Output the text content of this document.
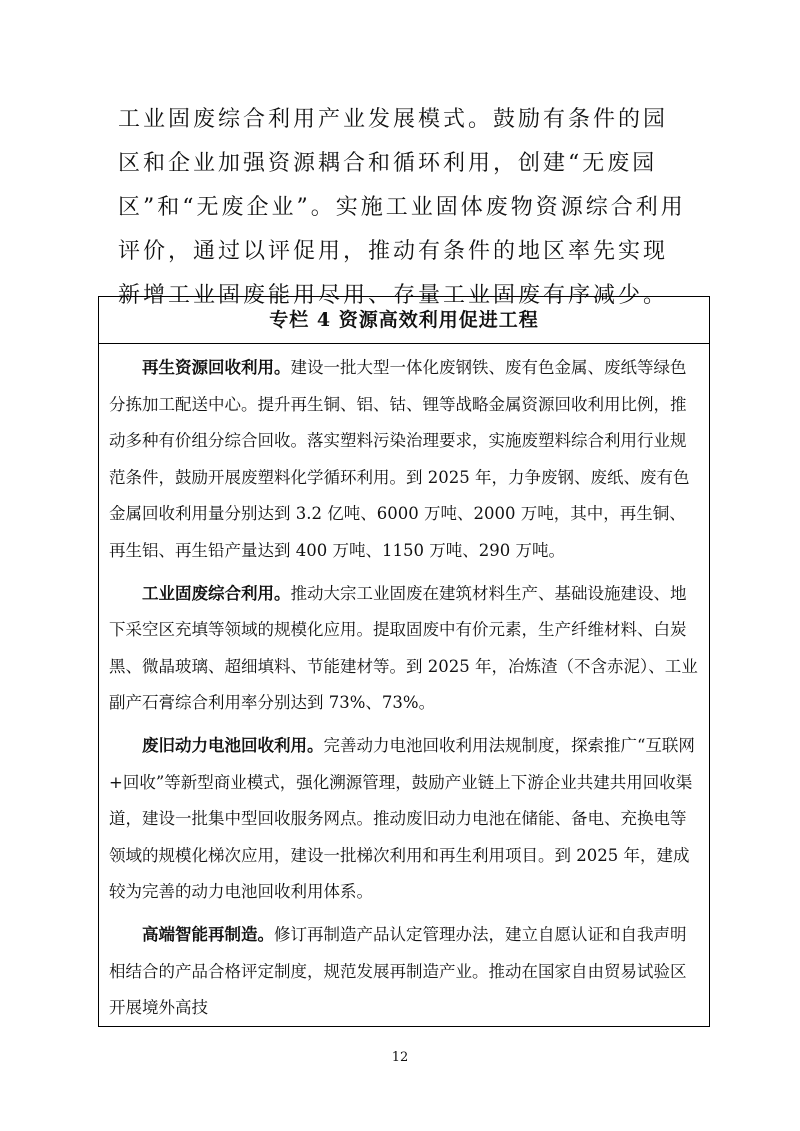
工业固废综合利用产业发展模式。鼓励有条件的园区和企业加强资源耦合和循环利用，创建“无废园区”和“无废企业”。实施工业固体废物资源综合利用评价，通过以评促用，推动有条件的地区率先实现新增工业固废能用尽用、存量工业固废有序减少。

专栏 4 资源高效利用促进工程

再生资源回收利用。建设一批大型一体化废钢铁、废有色金属、废纸等绿色分拣加工配送中心。提升再生铜、铝、钴、锂等战略金属资源回收利用比例，推动多种有价组分综合回收。落实塑料污染治理要求，实施废塑料综合利用行业规范条件，鼓励开展废塑料化学循环利用。到 2025 年，力争废钢、废纸、废有色金属回收利用量分别达到 3.2 亿吨、6000 万吨、2000 万吨，其中，再生铜、再生铝、再生铅产量达到 400 万吨、1150 万吨、290 万吨。

工业固废综合利用。推动大宗工业固废在建筑材料生产、基础设施建设、地下采空区充填等领域的规模化应用。提取固废中有价元素，生产纤维材料、白炭黑、微晶玻璃、超细填料、节能建材等。到 2025 年，冶炼渣（不含赤泥）、工业副产石膏综合利用率分别达到 73%、73%。

废旧动力电池回收利用。完善动力电池回收利用法规制度，探索推广“互联网+回收”等新型商业模式，强化溯源管理，鼓励产业链上下游企业共建共用回收渠道，建设一批集中型回收服务网点。推动废旧动力电池在储能、备电、充换电等领域的规模化梯次应用，建设一批梯次利用和再生利用项目。到 2025 年，建成较为完善的动力电池回收利用体系。

高端智能再制造。修订再制造产品认定管理办法，建立自愿认证和自我声明相结合的产品合格评定制度，规范发展再制造产业。推动在国家自由贸易试验区开展境外高技

12
